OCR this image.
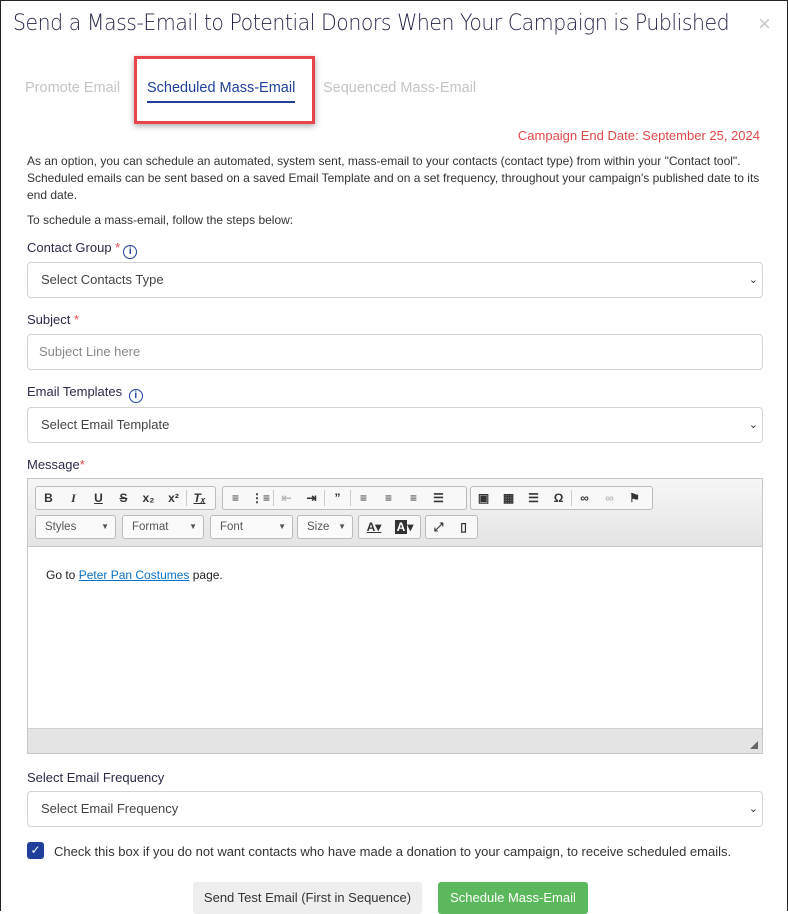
Send a Mass-Email to Potential Donors When Your Campaign is Published ×
Promote Email Scheduled Mass-Email Sequenced Mass-Email
Campaign End Date: September 25, 2024
As an option, you can schedule an automated, system sent, mass-email to your contacts (contact type) from within your "Contact tool". Scheduled emails can be sent based on a saved Email Template and on a set frequency, throughout your campaign's published date to its end date.
To schedule a mass-email, follow the steps below:
Contact Group * i
Select Contacts Type	⌄
Subject *
Subject Line here
Email Templates i
Select Email Template	⌄
Message*
B	I	U	S	x₂	x²	Tₓ	≡ ⋮≡ ⇤	⇥	”	≡	≡	≡	☰	▣	▦	☰	Ω	∞	∞	⚑
Styles	▼	Format	▼	Font	▼	Size ▼	A▾	A ▾	⤢	▯
Go to Peter Pan Costumes page.
Select Email Frequency
Select Email Frequency	⌄
✓ Check this box if you do not want contacts who have made a donation to your campaign, to receive scheduled emails.
Send Test Email (First in Sequence)	Schedule Mass-Email
